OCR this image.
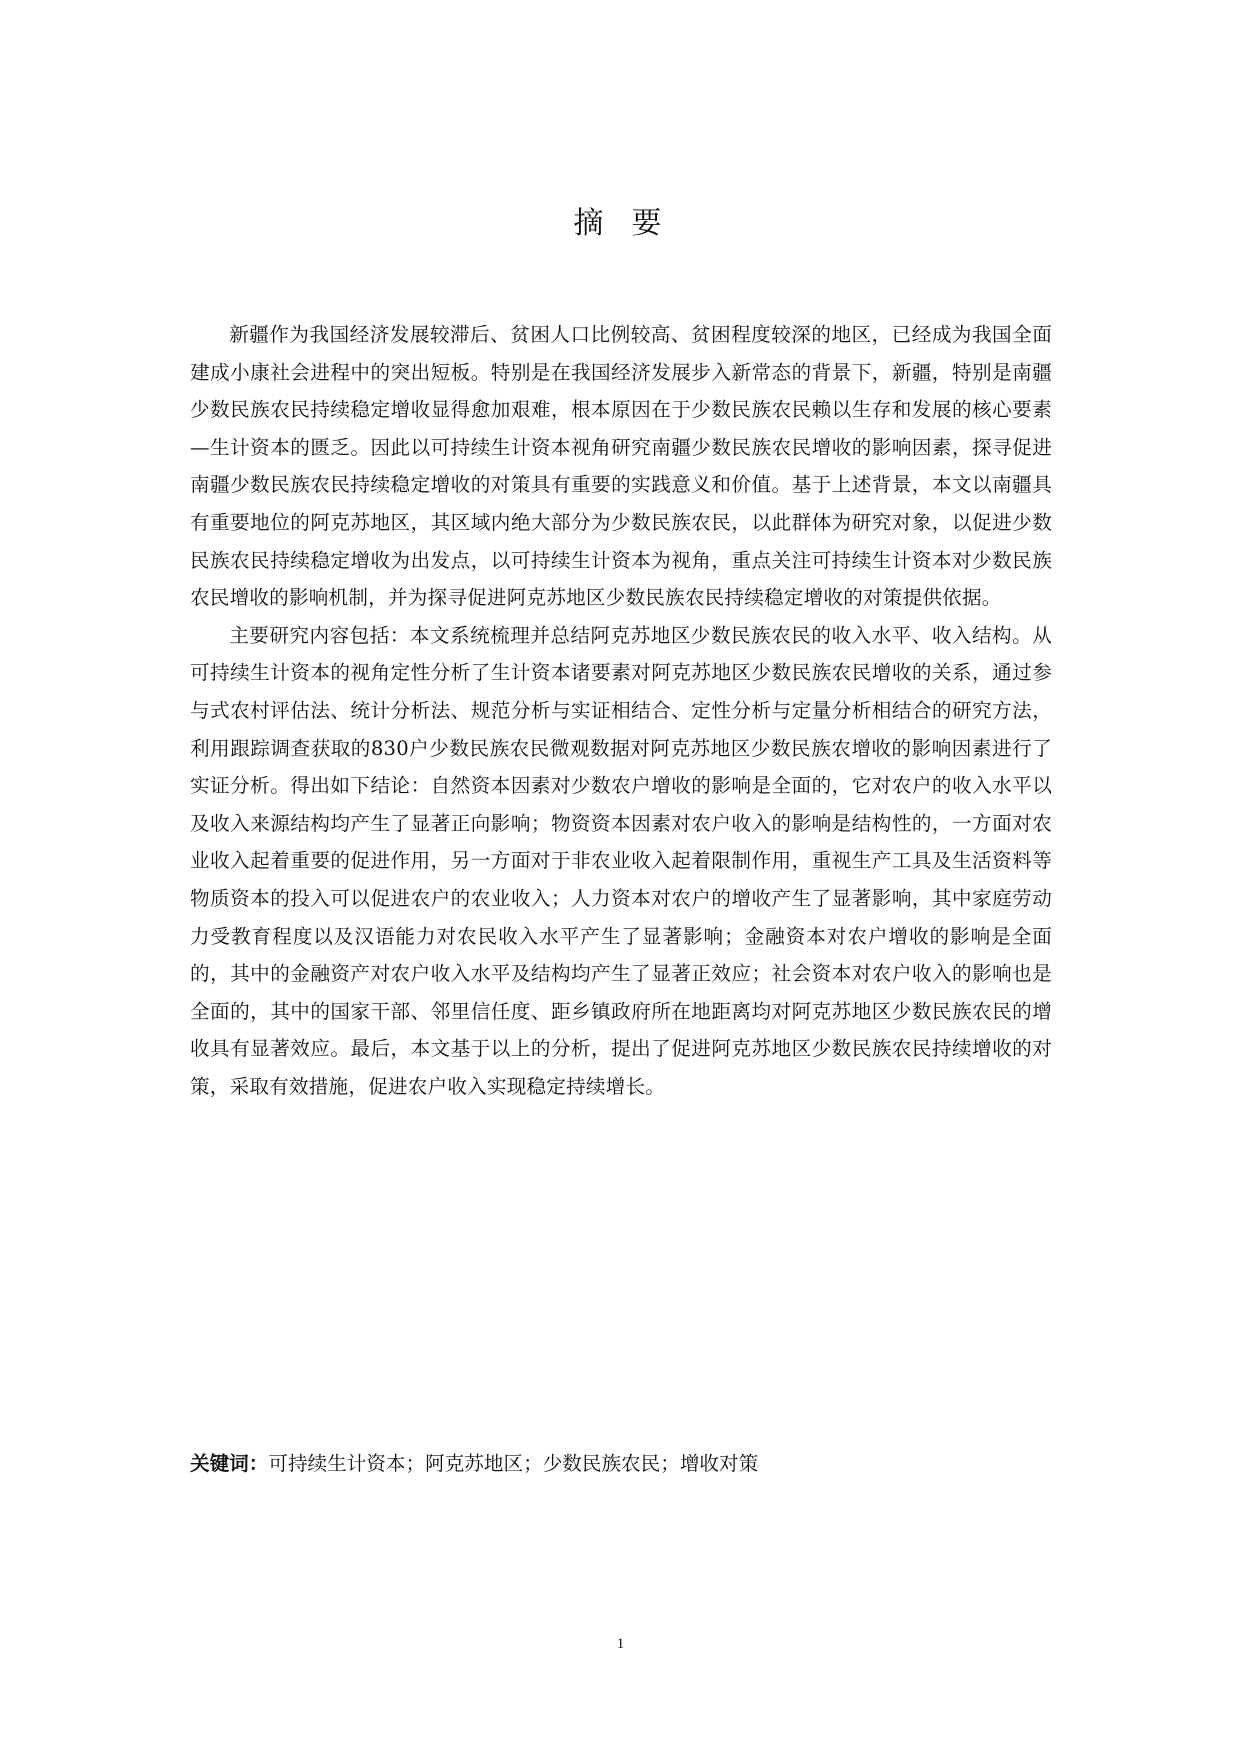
摘 要

新疆作为我国经济发展较滞后、贫困人口比例较高、贫困程度较深的地区，已经成为我国全面建成小康社会进程中的突出短板。特别是在我国经济发展步入新常态的背景下，新疆，特别是南疆少数民族农民持续稳定增收显得愈加艰难，根本原因在于少数民族农民赖以生存和发展的核心要素—生计资本的匮乏。因此以可持续生计资本视角研究南疆少数民族农民增收的影响因素，探寻促进南疆少数民族农民持续稳定增收的对策具有重要的实践意义和价值。基于上述背景，本文以南疆具有重要地位的阿克苏地区，其区域内绝大部分为少数民族农民，以此群体为研究对象，以促进少数民族农民持续稳定增收为出发点，以可持续生计资本为视角，重点关注可持续生计资本对少数民族农民增收的影响机制，并为探寻促进阿克苏地区少数民族农民持续稳定增收的对策提供依据。

主要研究内容包括：本文系统梳理并总结阿克苏地区少数民族农民的收入水平、收入结构。从可持续生计资本的视角定性分析了生计资本诸要素对阿克苏地区少数民族农民增收的关系，通过参与式农村评估法、统计分析法、规范分析与实证相结合、定性分析与定量分析相结合的研究方法，利用跟踪调查获取的830户少数民族农民微观数据对阿克苏地区少数民族农增收的影响因素进行了实证分析。得出如下结论：自然资本因素对少数农户增收的影响是全面的，它对农户的收入水平以及收入来源结构均产生了显著正向影响；物资资本因素对农户收入的影响是结构性的，一方面对农业收入起着重要的促进作用，另一方面对于非农业收入起着限制作用，重视生产工具及生活资料等物质资本的投入可以促进农户的农业收入；人力资本对农户的增收产生了显著影响，其中家庭劳动力受教育程度以及汉语能力对农民收入水平产生了显著影响；金融资本对农户增收的影响是全面的，其中的金融资产对农户收入水平及结构均产生了显著正效应；社会资本对农户收入的影响也是全面的，其中的国家干部、邻里信任度、距乡镇政府所在地距离均对阿克苏地区少数民族农民的增收具有显著效应。最后，本文基于以上的分析，提出了促进阿克苏地区少数民族农民持续增收的对策，采取有效措施，促进农户收入实现稳定持续增长。

关键词：可持续生计资本 ； 阿克苏地区 ； 少数民族农民 ； 增收对策
1
